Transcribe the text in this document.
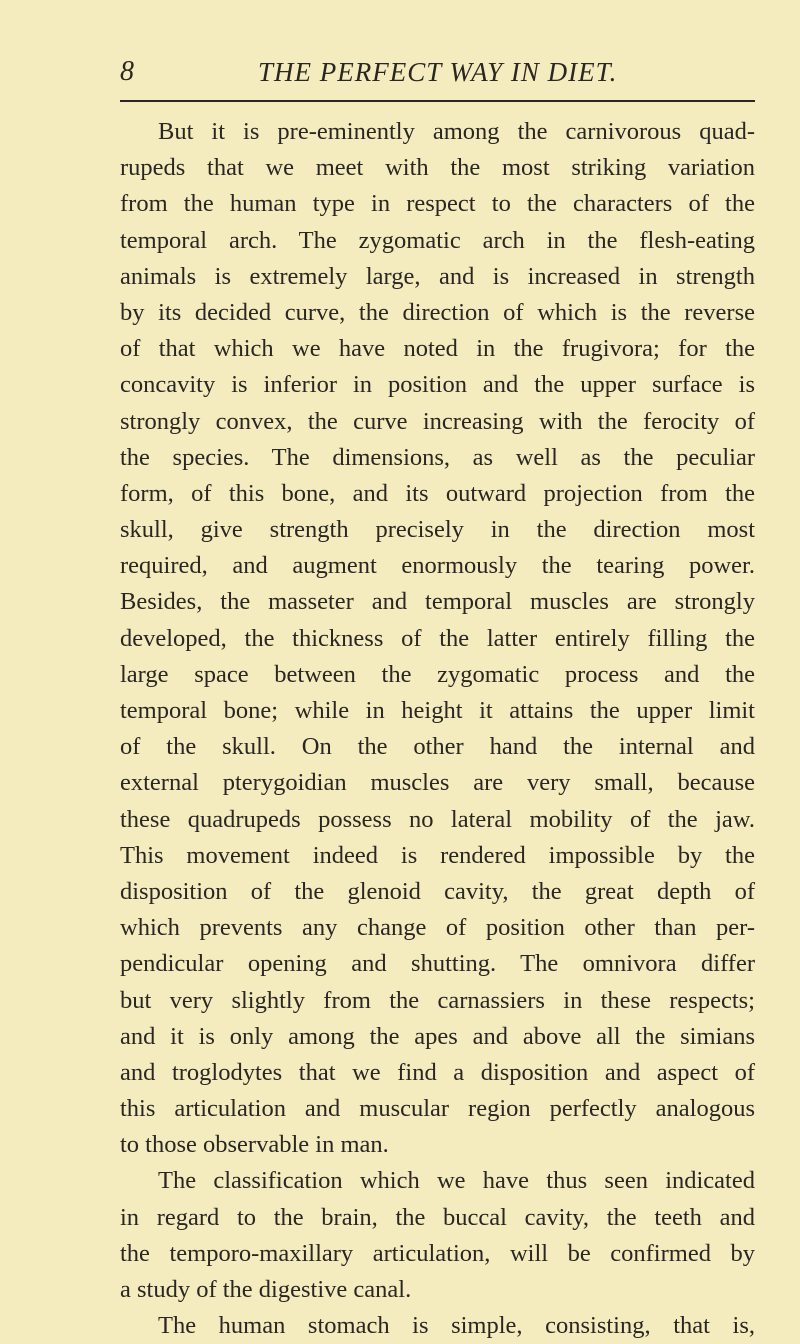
8	THE PERFECT WAY IN DIET.
But it is pre-eminently among the carnivorous quad-
rupeds that we meet with the most striking variation
from the human type in respect to the characters of the
temporal arch. The zygomatic arch in the flesh-eating
animals is extremely large, and is increased in strength
by its decided curve, the direction of which is the reverse
of that which we have noted in the frugivora; for the
concavity is inferior in position and the upper surface is
strongly convex, the curve increasing with the ferocity of
the species. The dimensions, as well as the peculiar
form, of this bone, and its outward projection from the
skull, give strength precisely in the direction most
required, and augment enormously the tearing power.
Besides, the masseter and temporal muscles are strongly
developed, the thickness of the latter entirely filling the
large space between the zygomatic process and the
temporal bone; while in height it attains the upper limit
of the skull. On the other hand the internal and
external pterygoidian muscles are very small, because
these quadrupeds possess no lateral mobility of the jaw.
This movement indeed is rendered impossible by the
disposition of the glenoid cavity, the great depth of
which prevents any change of position other than per-
pendicular opening and shutting. The omnivora differ
but very slightly from the carnassiers in these respects;
and it is only among the apes and above all the simians
and troglodytes that we find a disposition and aspect of
this articulation and muscular region perfectly analogous
to those observable in man.
The classification which we have thus seen indicated
in regard to the brain, the buccal cavity, the teeth and
the temporo-maxillary articulation, will be confirmed by
a study of the digestive canal.
The human stomach is simple, consisting, that is,
